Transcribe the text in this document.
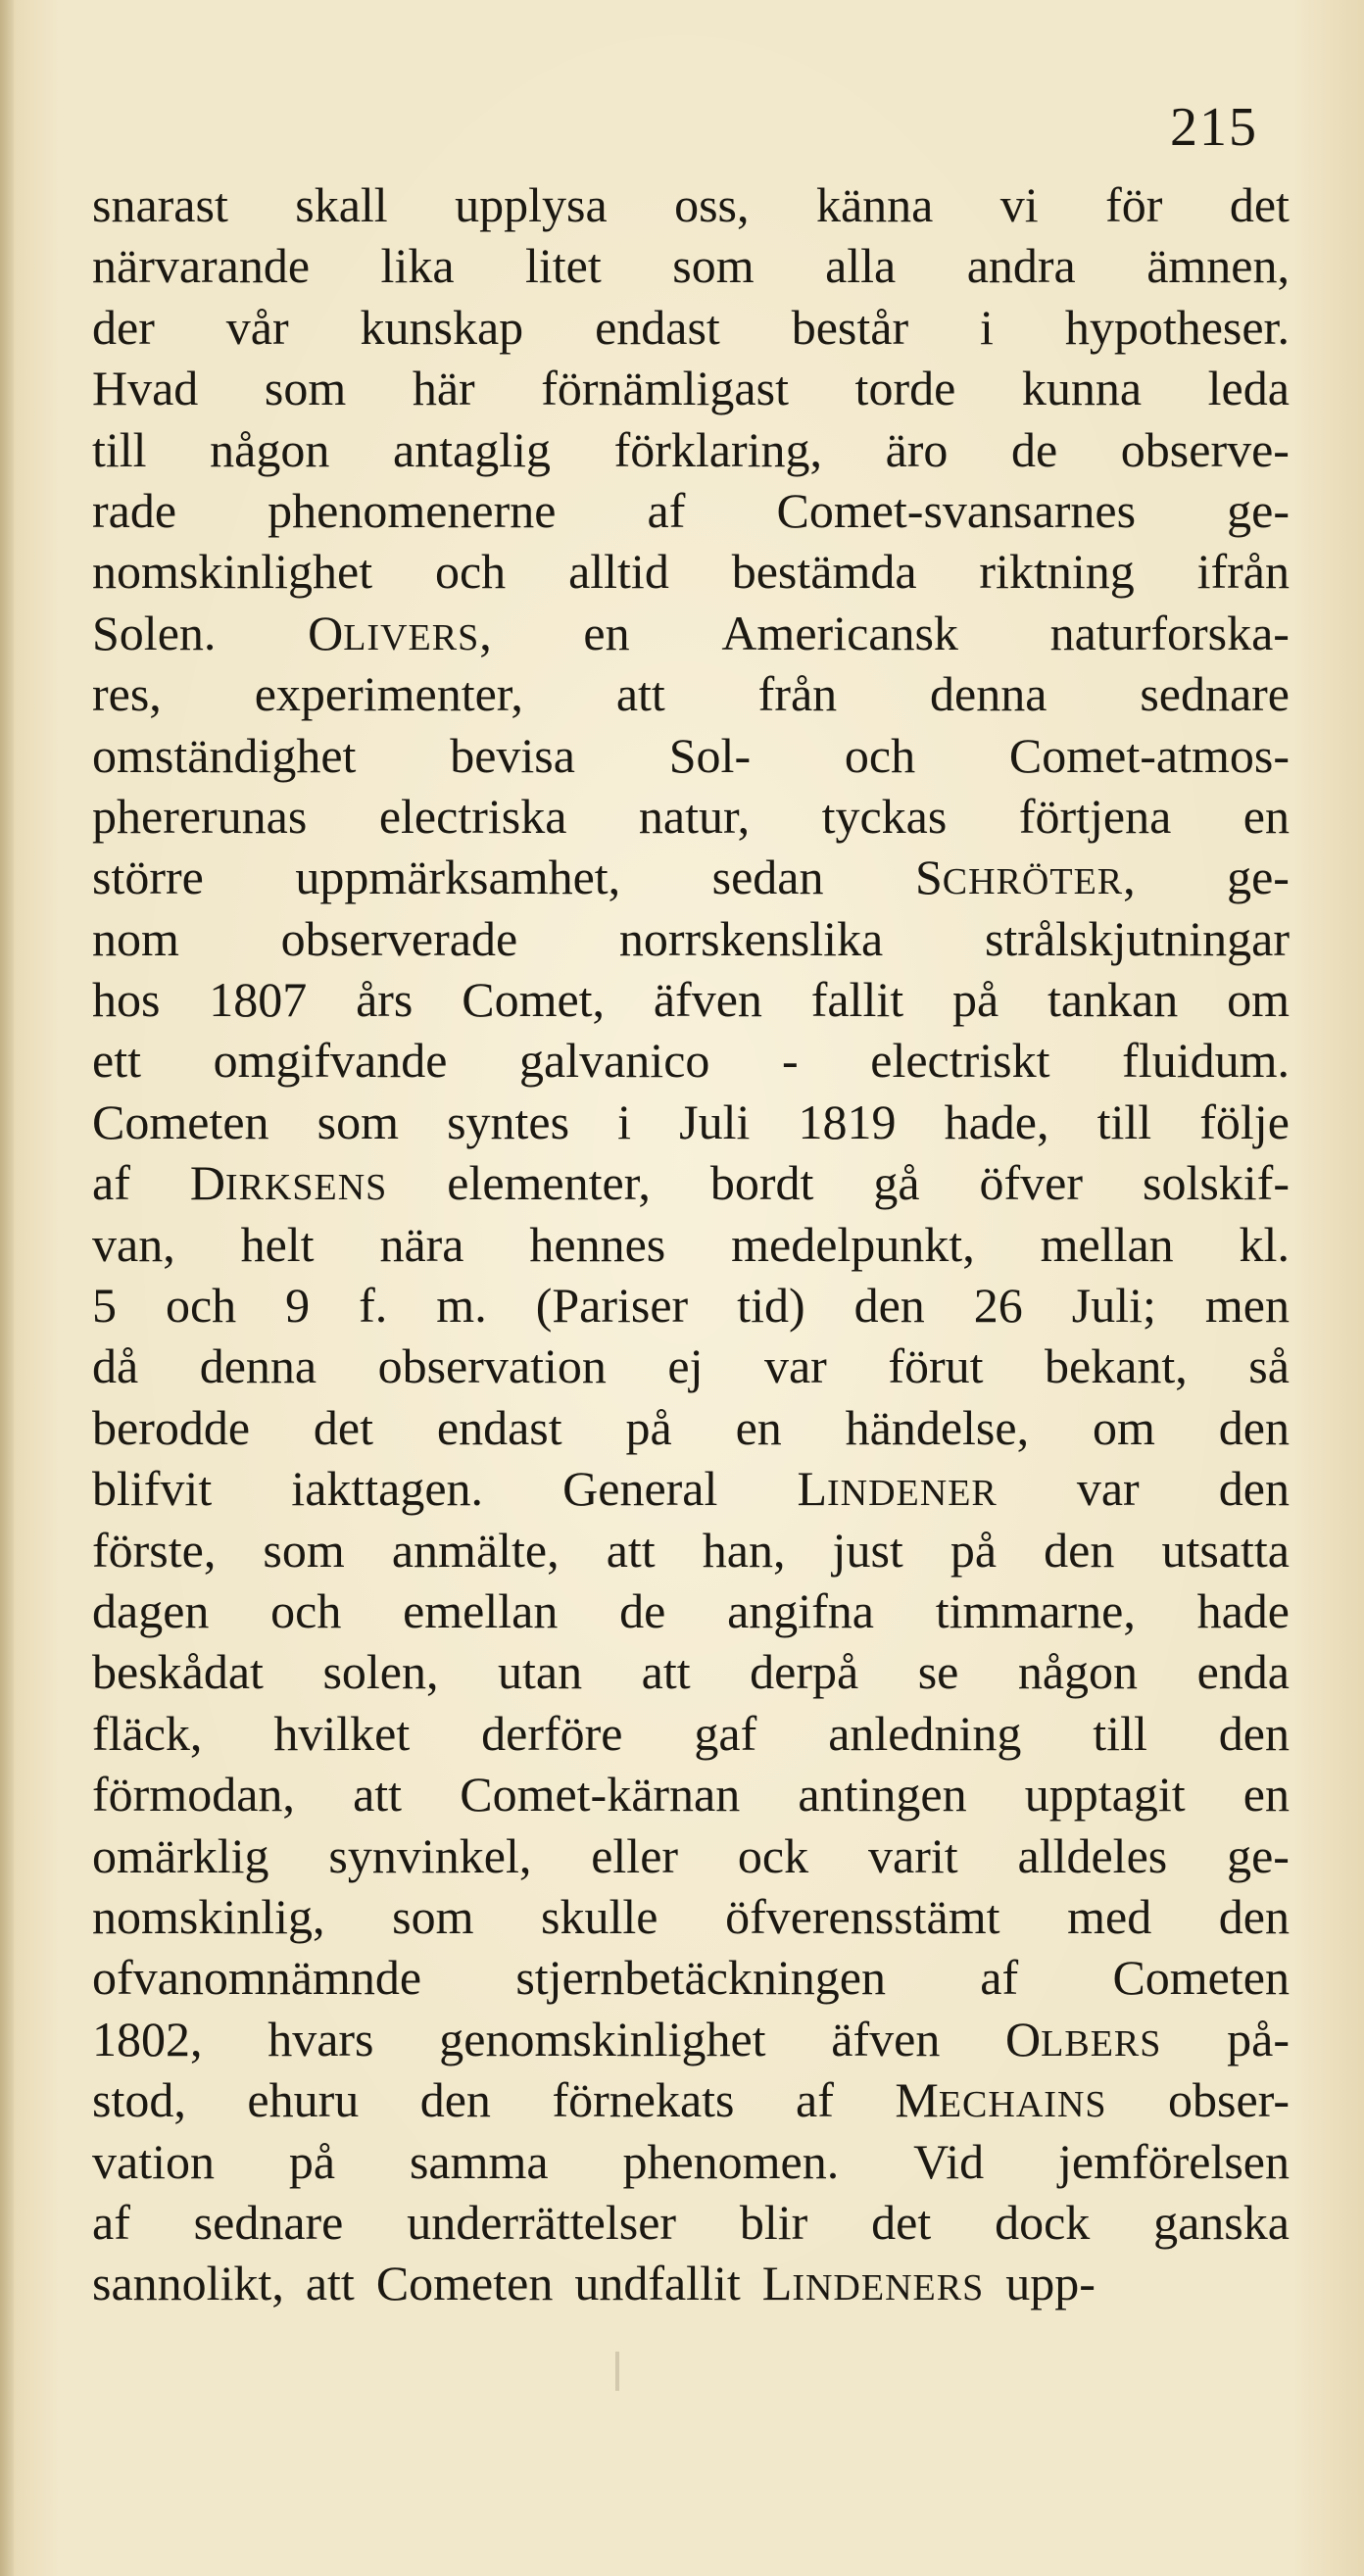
215
snarast skall upplysa oss, känna vi för det
närvarande lika litet som alla andra ämnen,
der vår kunskap endast består i hypotheser.
Hvad som här förnämligast torde kunna leda
till någon antaglig förklaring, äro de observe-
rade phenomenerne af Comet-svansarnes ge-
nomskinlighet och alltid bestämda riktning ifrån
Solen. OLIVERS, en Americansk naturforska-
res, experimenter, att från denna sednare
omständighet bevisa Sol- och Comet-atmos-
phererunas electriska natur, tyckas förtjena en
större uppmärksamhet, sedan SCHRÖTER, ge-
nom observerade norrskenslika strålskjutningar
hos 1807 års Comet, äfven fallit på tankan om
ett omgifvande galvanico - electriskt fluidum.
Cometen som syntes i Juli 1819 hade, till följe
af DIRKSENS elementer, bordt gå öfver solskif-
van, helt nära hennes medelpunkt, mellan kl.
5 och 9 f. m. (Pariser tid) den 26 Juli; men
då denna observation ej var förut bekant, så
berodde det endast på en händelse, om den
blifvit iakttagen. General LINDENER var den
förste, som anmälte, att han, just på den utsatta
dagen och emellan de angifna timmarne, hade
beskådat solen, utan att derpå se någon enda
fläck, hvilket derföre gaf anledning till den
förmodan, att Comet-kärnan antingen upptagit en
omärklig synvinkel, eller ock varit alldeles ge-
nomskinlig, som skulle öfverensstämt med den
ofvanomnämnde stjernbetäckningen af Cometen
1802, hvars genomskinlighet äfven OLBERS på-
stod, ehuru den förnekats af MECHAINS obser-
vation på samma phenomen. Vid jemförelsen
af sednare underrättelser blir det dock ganska
sannolikt, att Cometen undfallit LINDENERS upp-
